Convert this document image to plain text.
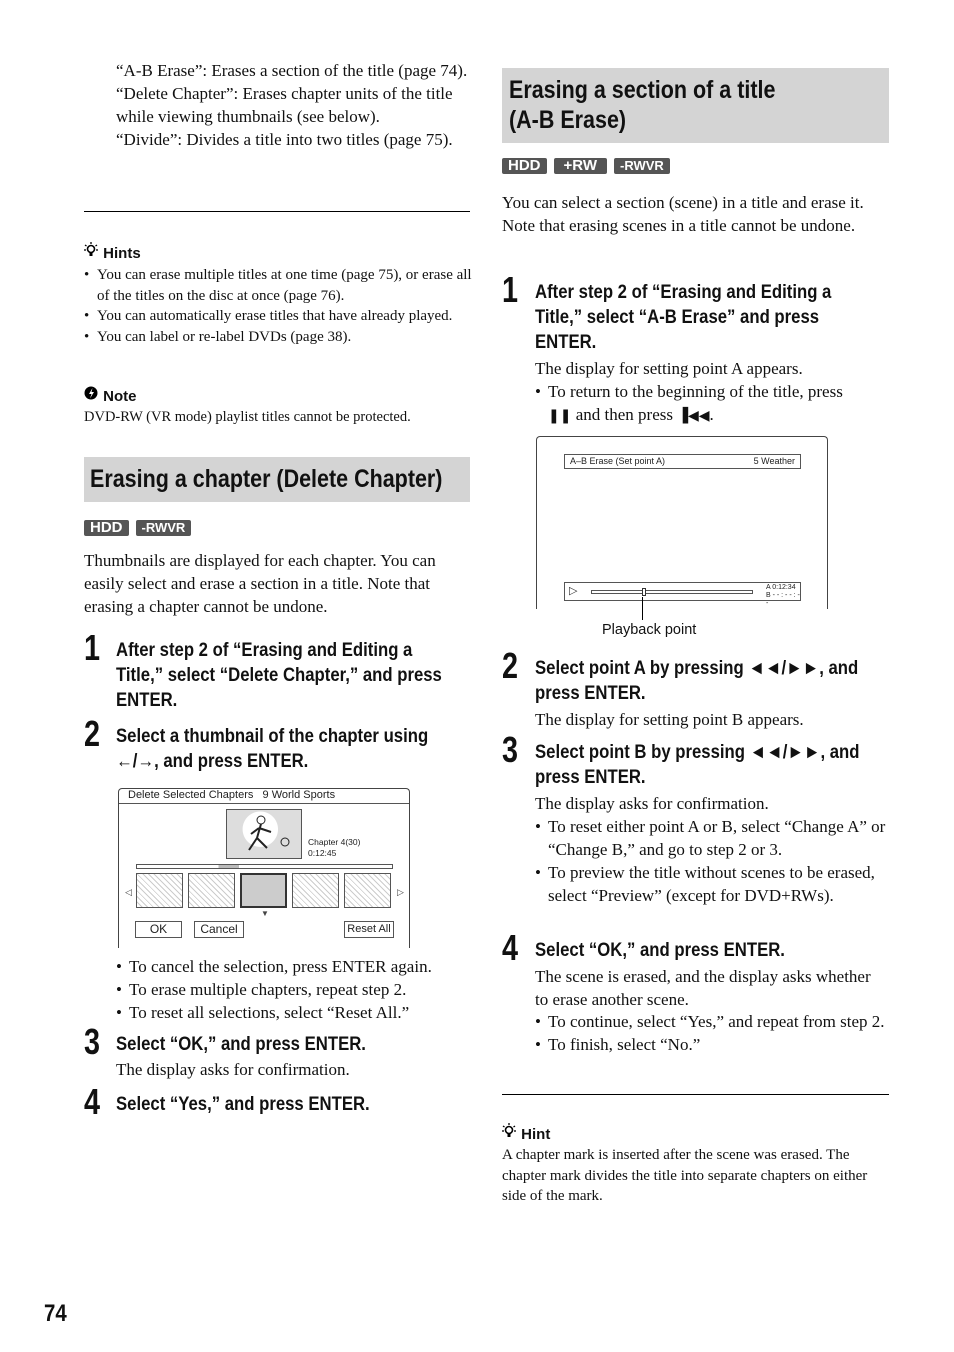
“A-B Erase”: Erases a section of the title (page 74).

“Delete Chapter”: Erases chapter units of the title while viewing thumbnails (see below).

“Divide”: Divides a title into two titles (page 75).

Hints

• You can erase multiple titles at one time (page 75), or erase all of the titles on the disc at once (page 76).

• You can automatically erase titles that have already played.

• You can label or re-label DVDs (page 38).

Note

DVD-RW (VR mode) playlist titles cannot be protected.

Erasing a chapter (Delete Chapter)
HDD -RWVR

Thumbnails are displayed for each chapter. You can easily select and erase a section in a title. Note that erasing a chapter cannot be undone.

1 After step 2 of “Erasing and Editing a
Title,” select “Delete Chapter,” and press
ENTER.
2 Select a thumbnail of the chapter using
←/→, and press ENTER.
Delete Selected Chapters 9 World Sports
Chapter 4(30)
0:12:45
◁	▷
▼
OK	Cancel	Reset All

• To cancel the selection, press ENTER again.

• To erase multiple chapters, repeat step 2.

• To reset all selections, select “Reset All.”

3 Select “OK,” and press ENTER.

The display asks for confirmation.

4 Select “Yes,” and press ENTER.
Erasing a section of a title
(A-B Erase)
HDD +RW -RWVR

You can select a section (scene) in a title and erase it. Note that erasing scenes in a title cannot be undone.

1 After step 2 of “Erasing and Editing a
Title,” select “A-B Erase” and press
ENTER.

The display for setting point A appears.

• To return to the beginning of the title, press
❚❚ and then press ▐◀◀.
A–B Erase (Set point A)	5 Weather
▷	A 0:12:34
B - - : - - : - -
Playback point
2 Select point A by pressing ◄◄/►►, and
press ENTER.

The display for setting point B appears.

3 Select point B by pressing ◄◄/►►, and
press ENTER.

The display asks for confirmation.

• To reset either point A or B, select “Change A” or “Change B,” and go to step 2 or 3.

• To preview the title without scenes to be erased, select “Preview” (except for DVD+RWs).

4 Select “OK,” and press ENTER.

The scene is erased, and the display asks whether to erase another scene.

• To continue, select “Yes,” and repeat from step 2.

• To finish, select “No.”

Hint

A chapter mark is inserted after the scene was erased. The chapter mark divides the title into separate chapters on either side of the mark.

74
